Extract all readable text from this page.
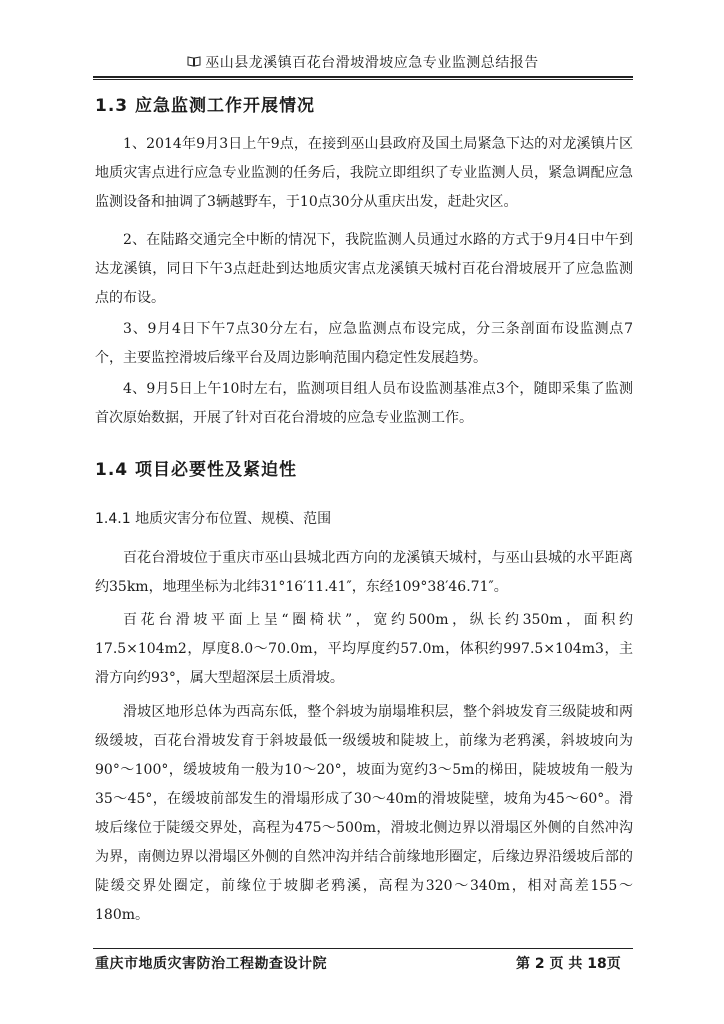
巫山县龙溪镇百花台滑坡滑坡应急专业监测总结报告
1.3 应急监测工作开展情况

1、2014年9月3日上午9点，在接到巫山县政府及国土局紧急下达的对龙溪镇片区地质灾害点进行应急专业监测的任务后，我院立即组织了专业监测人员，紧急调配应急监测设备和抽调了3辆越野车，于10点30分从重庆出发，赶赴灾区。

2、在陆路交通完全中断的情况下，我院监测人员通过水路的方式于9月4日中午到达龙溪镇，同日下午3点赶赴到达地质灾害点龙溪镇天城村百花台滑坡展开了应急监测点的布设。

3、9月4日下午7点30分左右，应急监测点布设完成，分三条剖面布设监测点7个，主要监控滑坡后缘平台及周边影响范围内稳定性发展趋势。

4、9月5日上午10时左右，监测项目组人员布设监测基准点3个，随即采集了监测首次原始数据，开展了针对百花台滑坡的应急专业监测工作。

1.4 项目必要性及紧迫性
1.4.1 地质灾害分布位置、规模、范围

百花台滑坡位于重庆市巫山县城北西方向的龙溪镇天城村，与巫山县城的水平距离约35km，地理坐标为北纬31°16′11.41″，东经109°38′46.71″。

百花台滑坡平面上呈“圈椅状”，宽约500m，纵长约350m，面积约17.5×104m2，厚度8.0～70.0m，平均厚度约57.0m，体积约997.5×104m3，主滑方向约93°，属大型超深层土质滑坡。

滑坡区地形总体为西高东低，整个斜坡为崩塌堆积层，整个斜坡发育三级陡坡和两级缓坡，百花台滑坡发育于斜坡最低一级缓坡和陡坡上，前缘为老鸦溪，斜坡坡向为90°～100°，缓坡坡角一般为10～20°，坡面为宽约3～5m的梯田，陡坡坡角一般为35～45°，在缓坡前部发生的滑塌形成了30～40m的滑坡陡壁，坡角为45～60°。滑坡后缘位于陡缓交界处，高程为475～500m，滑坡北侧边界以滑塌区外侧的自然冲沟为界，南侧边界以滑塌区外侧的自然冲沟并结合前缘地形圈定，后缘边界沿缓坡后部的陡缓交界处圈定，前缘位于坡脚老鸦溪，高程为320～340m，相对高差155～180m。

重庆市地质灾害防治工程勘查设计院	第 2 页 共 18页
